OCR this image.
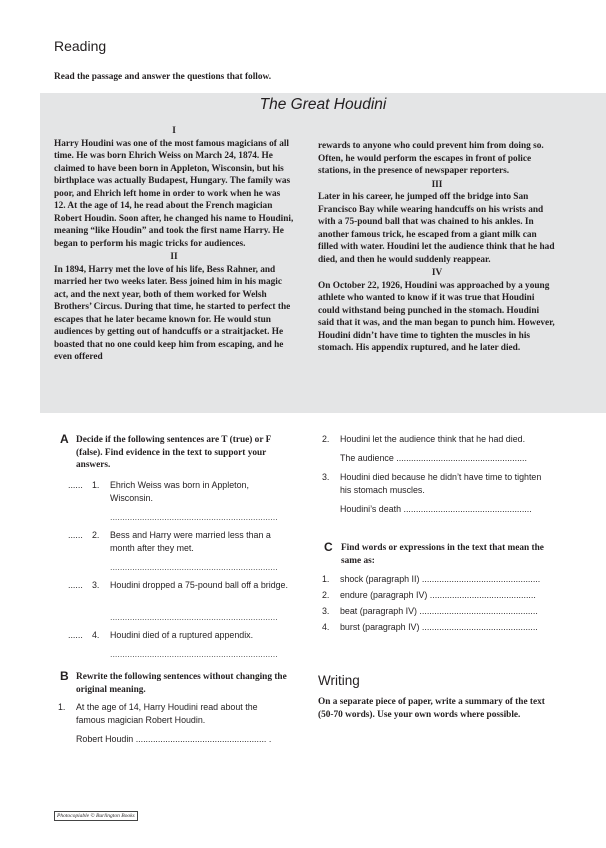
Reading
Read the passage and answer the questions that follow.
The Great Houdini
I

Harry Houdini was one of the most famous magicians of all time. He was born Ehrich Weiss on March 24, 1874. He claimed to have been born in Appleton, Wisconsin, but his birthplace was actually Budapest, Hungary. The family was poor, and Ehrich left home in order to work when he was 12. At the age of 14, he read about the French magician Robert Houdin. Soon after, he changed his name to Houdini, meaning “like Houdin” and took the first name Harry. He began to perform his magic tricks for audiences.

II

In 1894, Harry met the love of his life, Bess Rahner, and married her two weeks later. Bess joined him in his magic act, and the next year, both of them worked for Welsh Brothers’ Circus. During that time, he started to perfect the escapes that he later became known for. He would stun audiences by getting out of handcuffs or a straitjacket. He boasted that no one could keep him from escaping, and he even offered

rewards to anyone who could prevent him from doing so. Often, he would perform the escapes in front of police stations, in the presence of newspaper reporters.

III

Later in his career, he jumped off the bridge into San Francisco Bay while wearing handcuffs on his wrists and with a 75-pound ball that was chained to his ankles. In another famous trick, he escaped from a giant milk can filled with water. Houdini let the audience think that he had died, and then he would suddenly reappear.

IV

On October 22, 1926, Houdini was approached by a young athlete who wanted to know if it was true that Houdini could withstand being punched in the stomach. Houdini said that it was, and the man began to punch him. However, Houdini didn’t have time to tighten the muscles in his stomach. His appendix ruptured, and he later died.

A Decide if the following sentences are T (true) or F (false). Find evidence in the text to support your answers.
...... 1. Ehrich Weiss was born in Appleton, Wisconsin.
....................................................................
...... 2. Bess and Harry were married less than a month after they met.
....................................................................
...... 3. Houdini dropped a 75-pound ball off a bridge.
....................................................................
...... 4. Houdini died of a ruptured appendix.
....................................................................
B Rewrite the following sentences without changing the original meaning.
1. At the age of 14, Harry Houdini read about the famous magician Robert Houdin.
Robert Houdin ..................................................... .
2. Houdini let the audience think that he had died.
The audience .....................................................
3. Houdini died because he didn’t have time to tighten his stomach muscles.
Houdini’s death ....................................................
C Find words or expressions in the text that mean the same as:
1. shock (paragraph II) ................................................
2. endure (paragraph IV) ...........................................
3. beat (paragraph IV) ................................................
4. burst (paragraph IV) ...............................................
Writing
On a separate piece of paper, write a summary of the text (50-70 words). Use your own words where possible.
Photocopiable © Burlington Books
